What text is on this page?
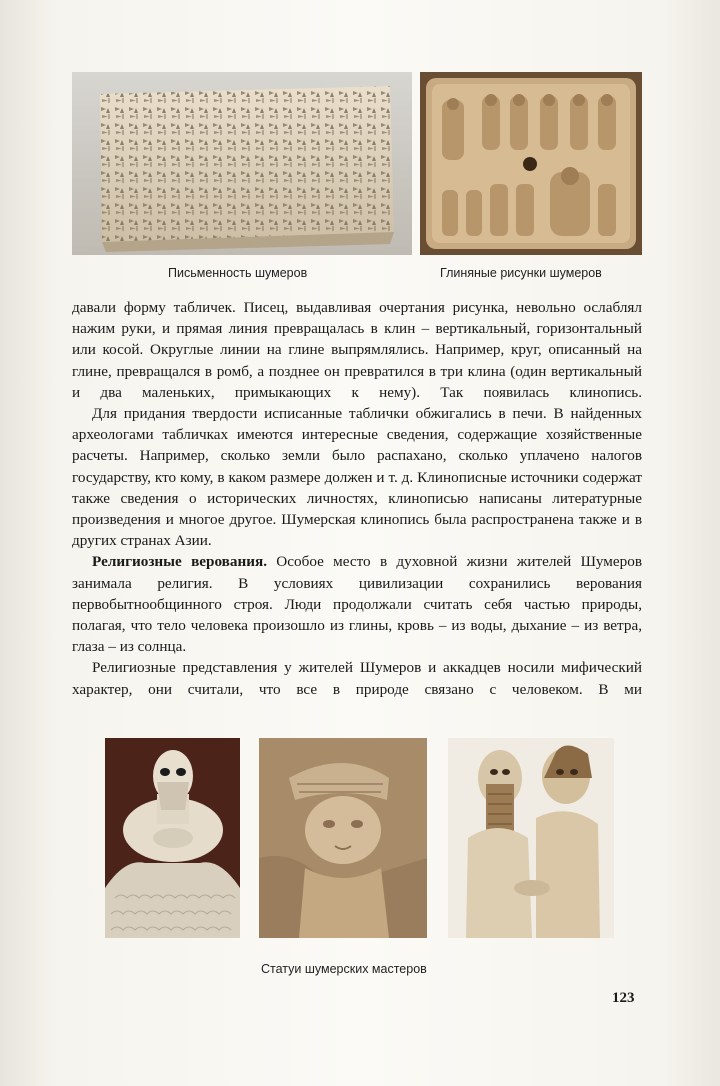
Письменность шумеров	Глиняные рисунки шумеров

давали форму табличек. Писец, выдавливая очертания рисунка, невольно ослаблял нажим руки, и прямая линия превращалась в клин – вертикальный, горизонтальный или косой. Округлые линии на глине выпрямлялись. Например, круг, описанный на глине, превращался в ромб, а позднее он превратился в три клина (один вертикальный и два маленьких, примыкающих к нему). Так появилась клинопись.

Для придания твердости исписанные таблички обжигались в печи. В найденных археологами табличках имеются интересные сведения, содержащие хозяйственные расчеты. Например, сколько земли было распахано, сколько уплачено налогов государству, кто кому, в каком размере должен и т. д. Клинописные источники содержат также сведения о исторических личностях, клинописью написаны литературные произведения и многое другое. Шумерская клинопись была распространена также и в других странах Азии.

Религиозные верования. Особое место в духовной жизни жителей Шумеров занимала религия. В условиях цивилизации сохранились верования первобытнообщинного строя. Люди продолжали считать себя частью природы, полагая, что тело человека произошло из глины, кровь – из воды, дыхание – из ветра, глаза – из солнца.

Религиозные представления у жителей Шумеров и аккадцев носили мифический характер, они считали, что все в природе связано с человеком. В ми

Статуи шумерских мастеров
123
